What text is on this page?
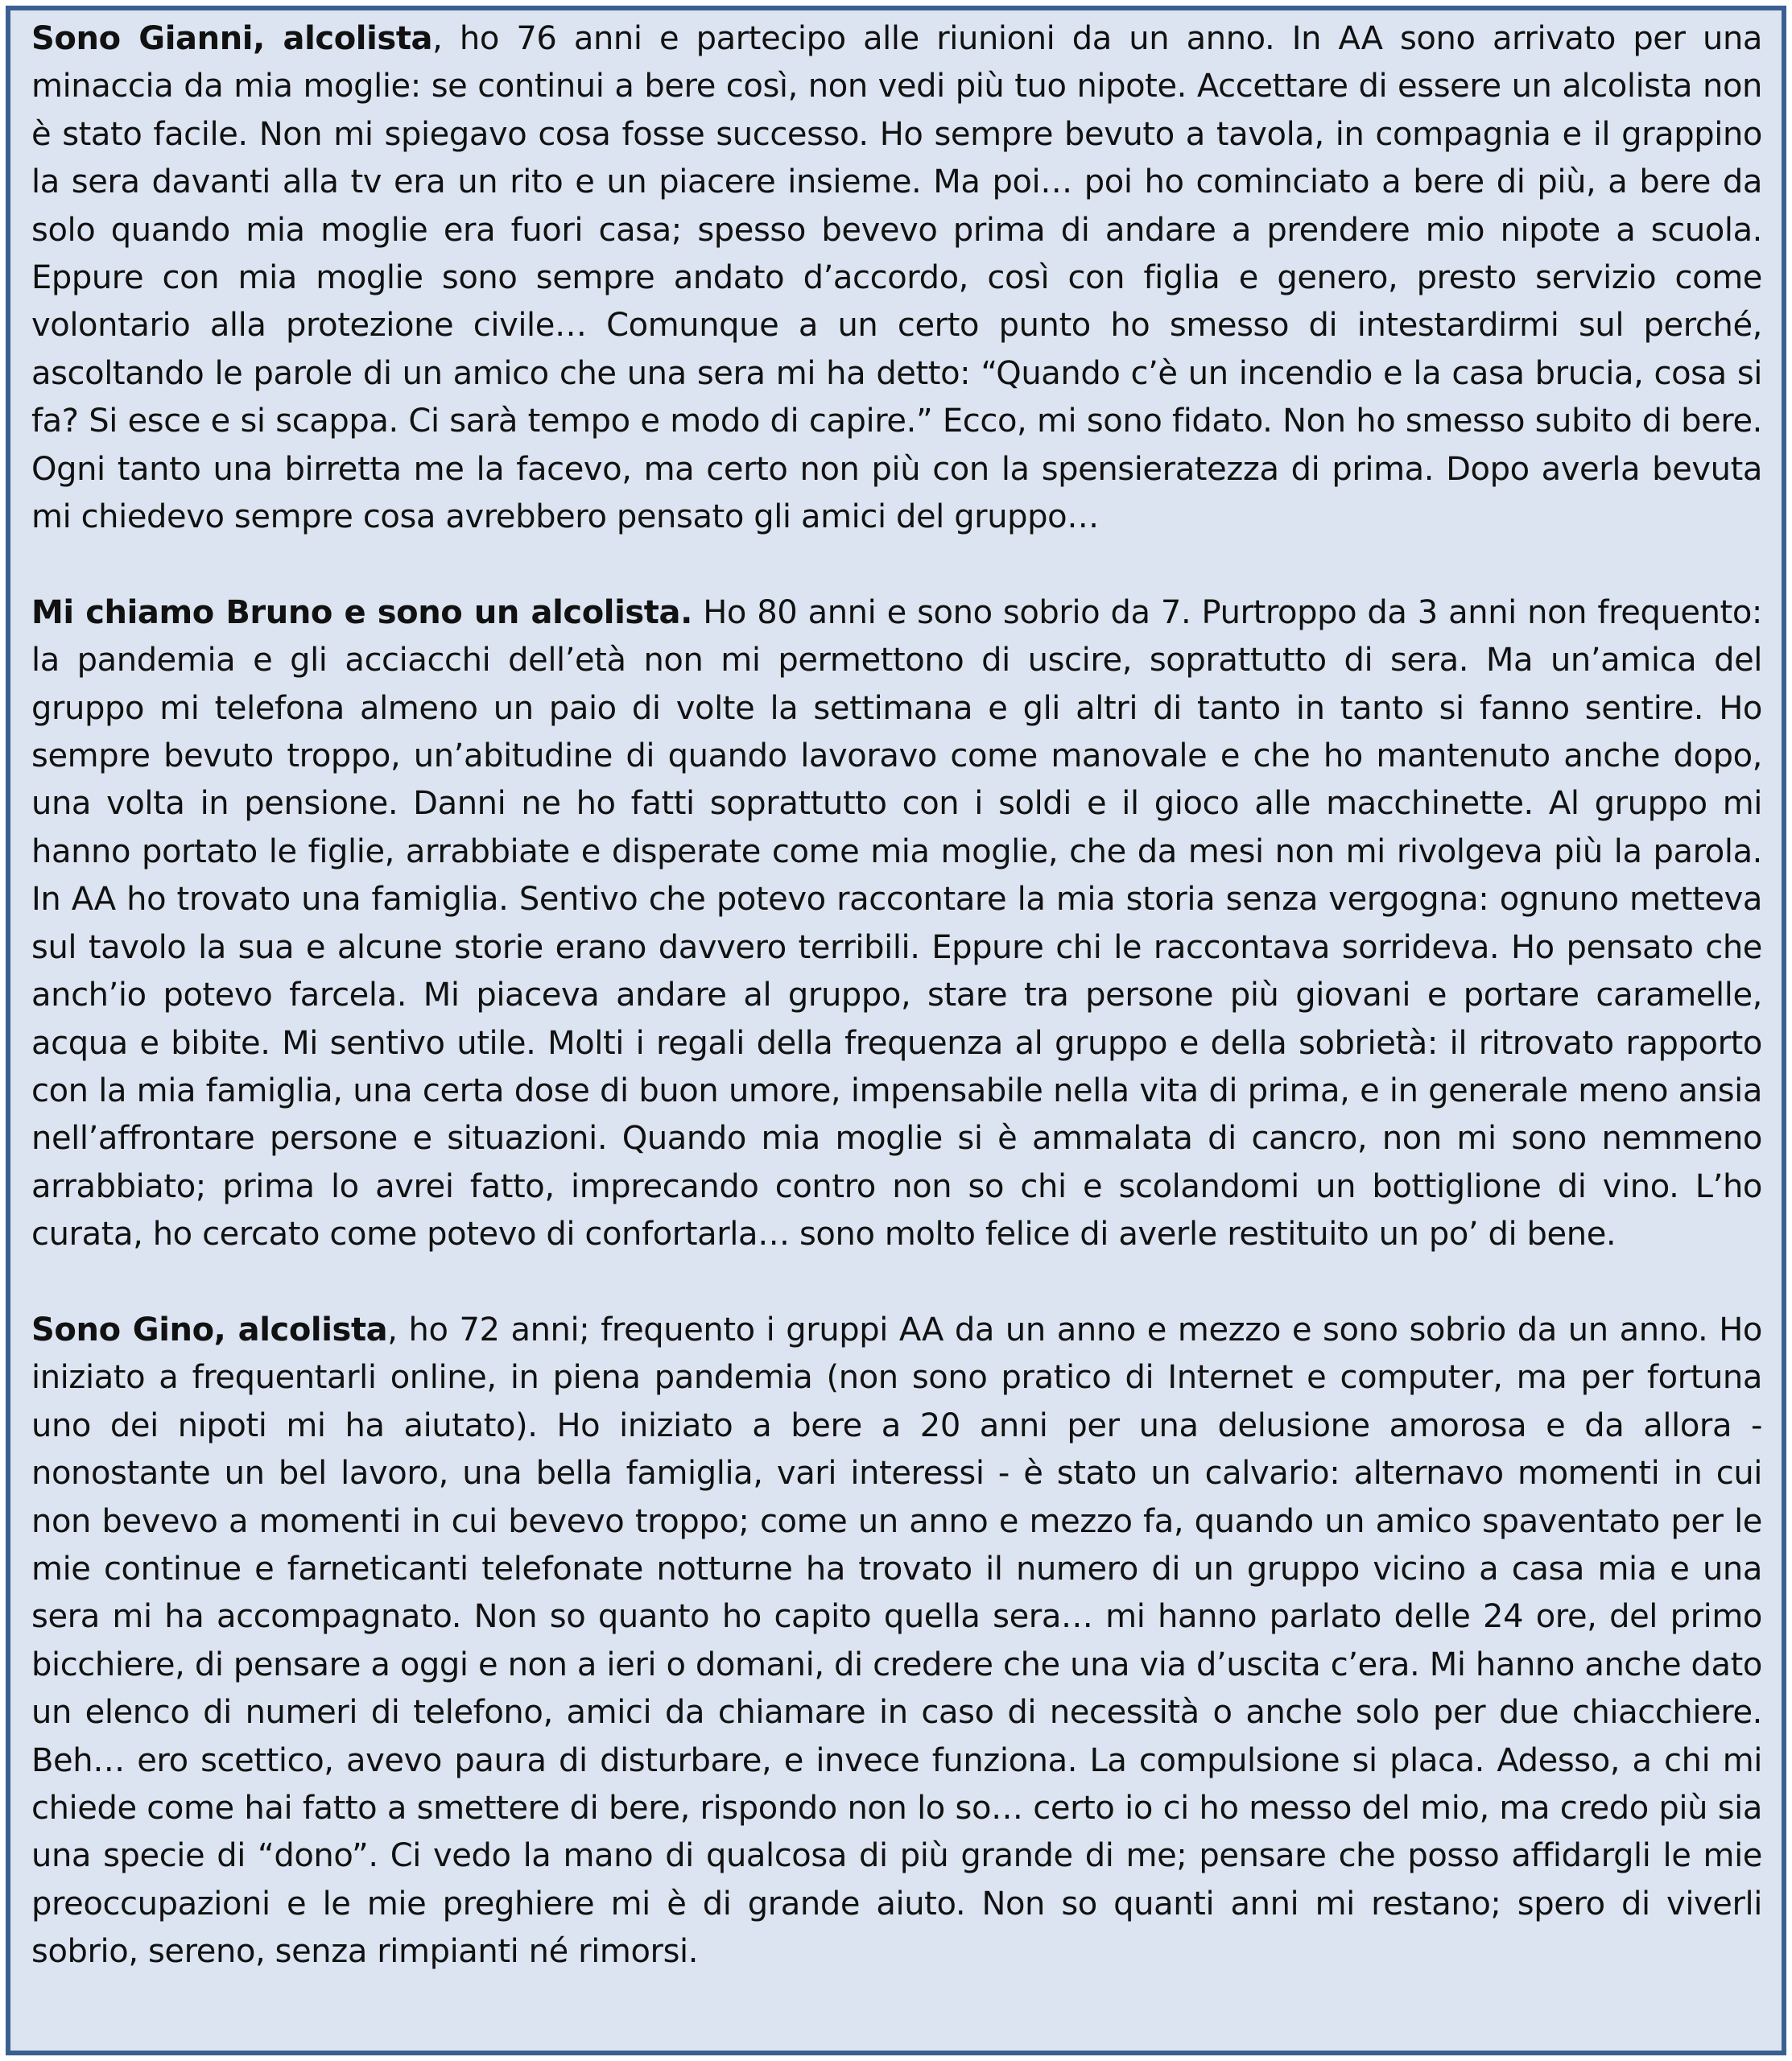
Sono Gianni, alcolista, ho 76 anni e partecipo alle riunioni da un anno. In AA sono arrivato per una minaccia da mia moglie: se continui a bere così, non vedi più tuo nipote. Accettare di essere un alcolista non è stato facile. Non mi spiegavo cosa fosse successo. Ho sempre bevuto a tavola, in compagnia e il grappino la sera davanti alla tv era un rito e un piacere insieme. Ma poi… poi ho cominciato a bere di più, a bere da solo quando mia moglie era fuori casa; spesso bevevo prima di andare a prendere mio nipote a scuola. Eppure con mia moglie sono sempre andato d’accordo, così con figlia e genero, presto servizio come volontario alla protezione civile… Comunque a un certo punto ho smesso di intestardirmi sul perché, ascoltando le parole di un amico che una sera mi ha detto: “Quando c’è un incendio e la casa brucia, cosa si fa? Si esce e si scappa. Ci sarà tempo e modo di capire.” Ecco, mi sono fidato. Non ho smesso subito di bere. Ogni tanto una birretta me la facevo, ma certo non più con la spensieratezza di prima. Dopo averla bevuta mi chiedevo sempre cosa avrebbero pensato gli amici del gruppo…

Mi chiamo Bruno e sono un alcolista. Ho 80 anni e sono sobrio da 7. Purtroppo da 3 anni non frequento: la pandemia e gli acciacchi dell’età non mi permettono di uscire, soprattutto di sera. Ma un’amica del gruppo mi telefona almeno un paio di volte la settimana e gli altri di tanto in tanto si fanno sentire. Ho sempre bevuto troppo, un’abitudine di quando lavoravo come manovale e che ho mantenuto anche dopo, una volta in pensione. Danni ne ho fatti soprattutto con i soldi e il gioco alle macchinette. Al gruppo mi hanno portato le figlie, arrabbiate e disperate come mia moglie, che da mesi non mi rivolgeva più la parola. In AA ho trovato una famiglia. Sentivo che potevo raccontare la mia storia senza vergogna: ognuno metteva sul tavolo la sua e alcune storie erano davvero terribili. Eppure chi le raccontava sorrideva. Ho pensato che anch’io potevo farcela. Mi piaceva andare al gruppo, stare tra persone più giovani e portare caramelle, acqua e bibite. Mi sentivo utile. Molti i regali della frequenza al gruppo e della sobrietà: il ritrovato rapporto con la mia famiglia, una certa dose di buon umore, impensabile nella vita di prima, e in generale meno ansia nell’affrontare persone e situazioni. Quando mia moglie si è ammalata di cancro, non mi sono nemmeno arrabbiato; prima lo avrei fatto, imprecando contro non so chi e scolandomi un bottiglione di vino. L’ho curata, ho cercato come potevo di confortarla… sono molto felice di averle restituito un po’ di bene.

Sono Gino, alcolista, ho 72 anni; frequento i gruppi AA da un anno e mezzo e sono sobrio da un anno. Ho iniziato a frequentarli online, in piena pandemia (non sono pratico di Internet e computer, ma per fortuna uno dei nipoti mi ha aiutato). Ho iniziato a bere a 20 anni per una delusione amorosa e da allora - nonostante un bel lavoro, una bella famiglia, vari interessi - è stato un calvario: alternavo momenti in cui non bevevo a momenti in cui bevevo troppo; come un anno e mezzo fa, quando un amico spaventato per le mie continue e farneticanti telefonate notturne ha trovato il numero di un gruppo vicino a casa mia e una sera mi ha accompagnato. Non so quanto ho capito quella sera… mi hanno parlato delle 24 ore, del primo bicchiere, di pensare a oggi e non a ieri o domani, di credere che una via d’uscita c’era. Mi hanno anche dato un elenco di numeri di telefono, amici da chiamare in caso di necessità o anche solo per due chiacchiere. Beh… ero scettico, avevo paura di disturbare, e invece funziona. La compulsione si placa. Adesso, a chi mi chiede come hai fatto a smettere di bere, rispondo non lo so… certo io ci ho messo del mio, ma credo più sia una specie di “dono”. Ci vedo la mano di qualcosa di più grande di me; pensare che posso affidargli le mie preoccupazioni e le mie preghiere mi è di grande aiuto. Non so quanti anni mi restano; spero di viverli sobrio, sereno, senza rimpianti né rimorsi.
